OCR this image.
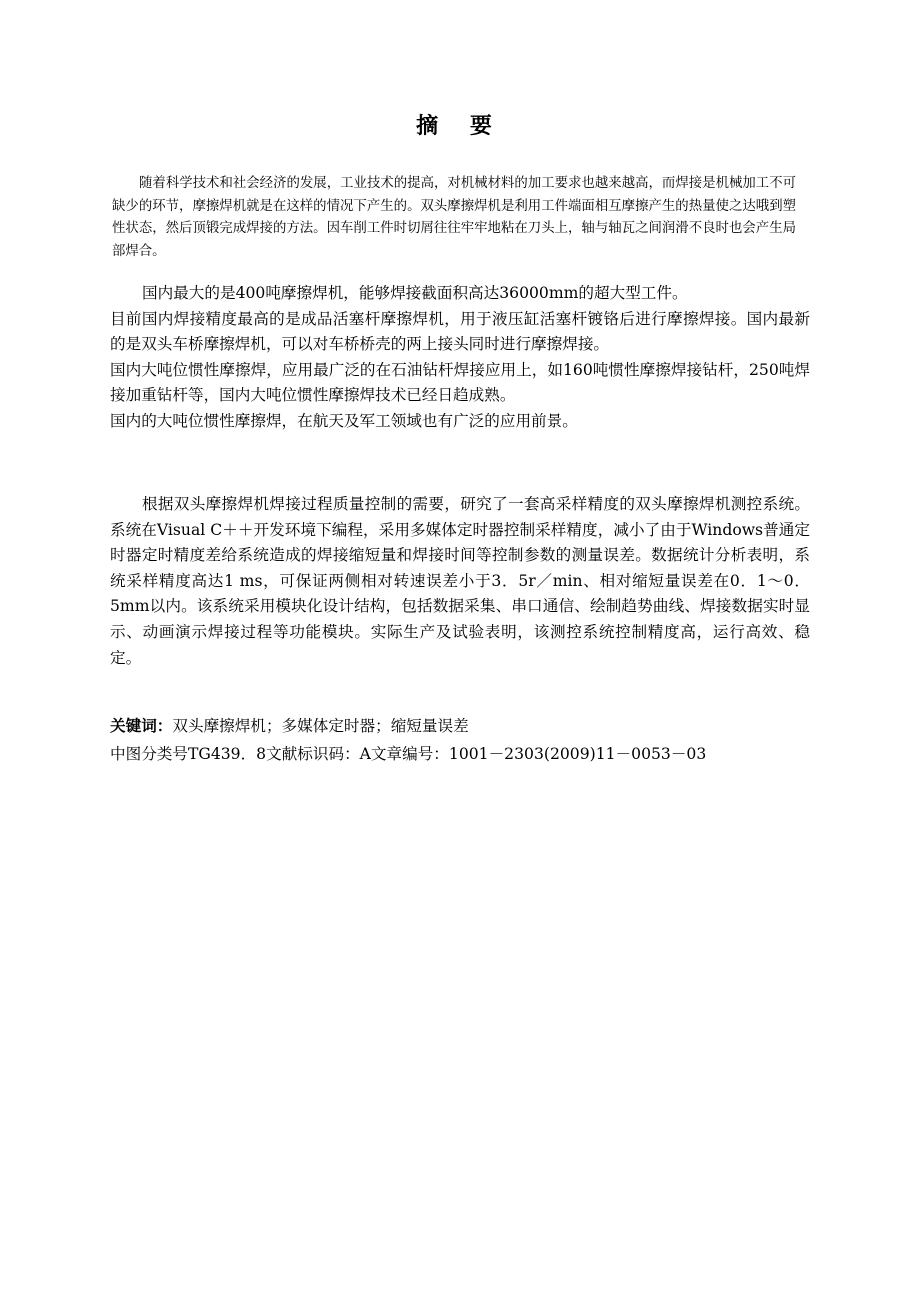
摘 要

随着科学技术和社会经济的发展，工业技术的提高，对机械材料的加工要求也越来越高，而焊接是机械加工不可缺少的环节，摩擦焊机就是在这样的情况下产生的。双头摩擦焊机是利用工件端面相互摩擦产生的热量使之达哦到塑性状态，然后顶锻完成焊接的方法。因车削工件时切屑往往牢牢地粘在刀头上，轴与轴瓦之间润滑不良时也会产生局部焊合。

国内最大的是400吨摩擦焊机，能够焊接截面积高达36000mm的超大型工件。

目前国内焊接精度最高的是成品活塞杆摩擦焊机，用于液压缸活塞杆镀铬后进行摩擦焊接。国内最新的是双头车桥摩擦焊机，可以对车桥桥壳的两上接头同时进行摩擦焊接。

国内大吨位惯性摩擦焊，应用最广泛的在石油钻杆焊接应用上，如160吨惯性摩擦焊接钻杆，250吨焊接加重钻杆等，国内大吨位惯性摩擦焊技术已经日趋成熟。

国内的大吨位惯性摩擦焊，在航天及军工领域也有广泛的应用前景。

根据双头摩擦焊机焊接过程质量控制的需要，研究了一套高采样精度的双头摩擦焊机测控系统。系统在Visual C＋＋开发环境下编程，采用多媒体定时器控制采样精度，减小了由于Windows普通定时器定时精度差给系统造成的焊接缩短量和焊接时间等控制参数的测量误差。数据统计分析表明，系统采样精度高达1 ms，可保证两侧相对转速误差小于3．5r／min、相对缩短量误差在0．1～0．5mm以内。该系统采用模块化设计结构，包括数据采集、串口通信、绘制趋势曲线、焊接数据实时显示、动画演示焊接过程等功能模块。实际生产及试验表明，该测控系统控制精度高，运行高效、稳定。

关键词：双头摩擦焊机；多媒体定时器；缩短量误差
中图分类号TG439．8文献标识码：A文章编号：1001－2303(2009)11－0053－03
